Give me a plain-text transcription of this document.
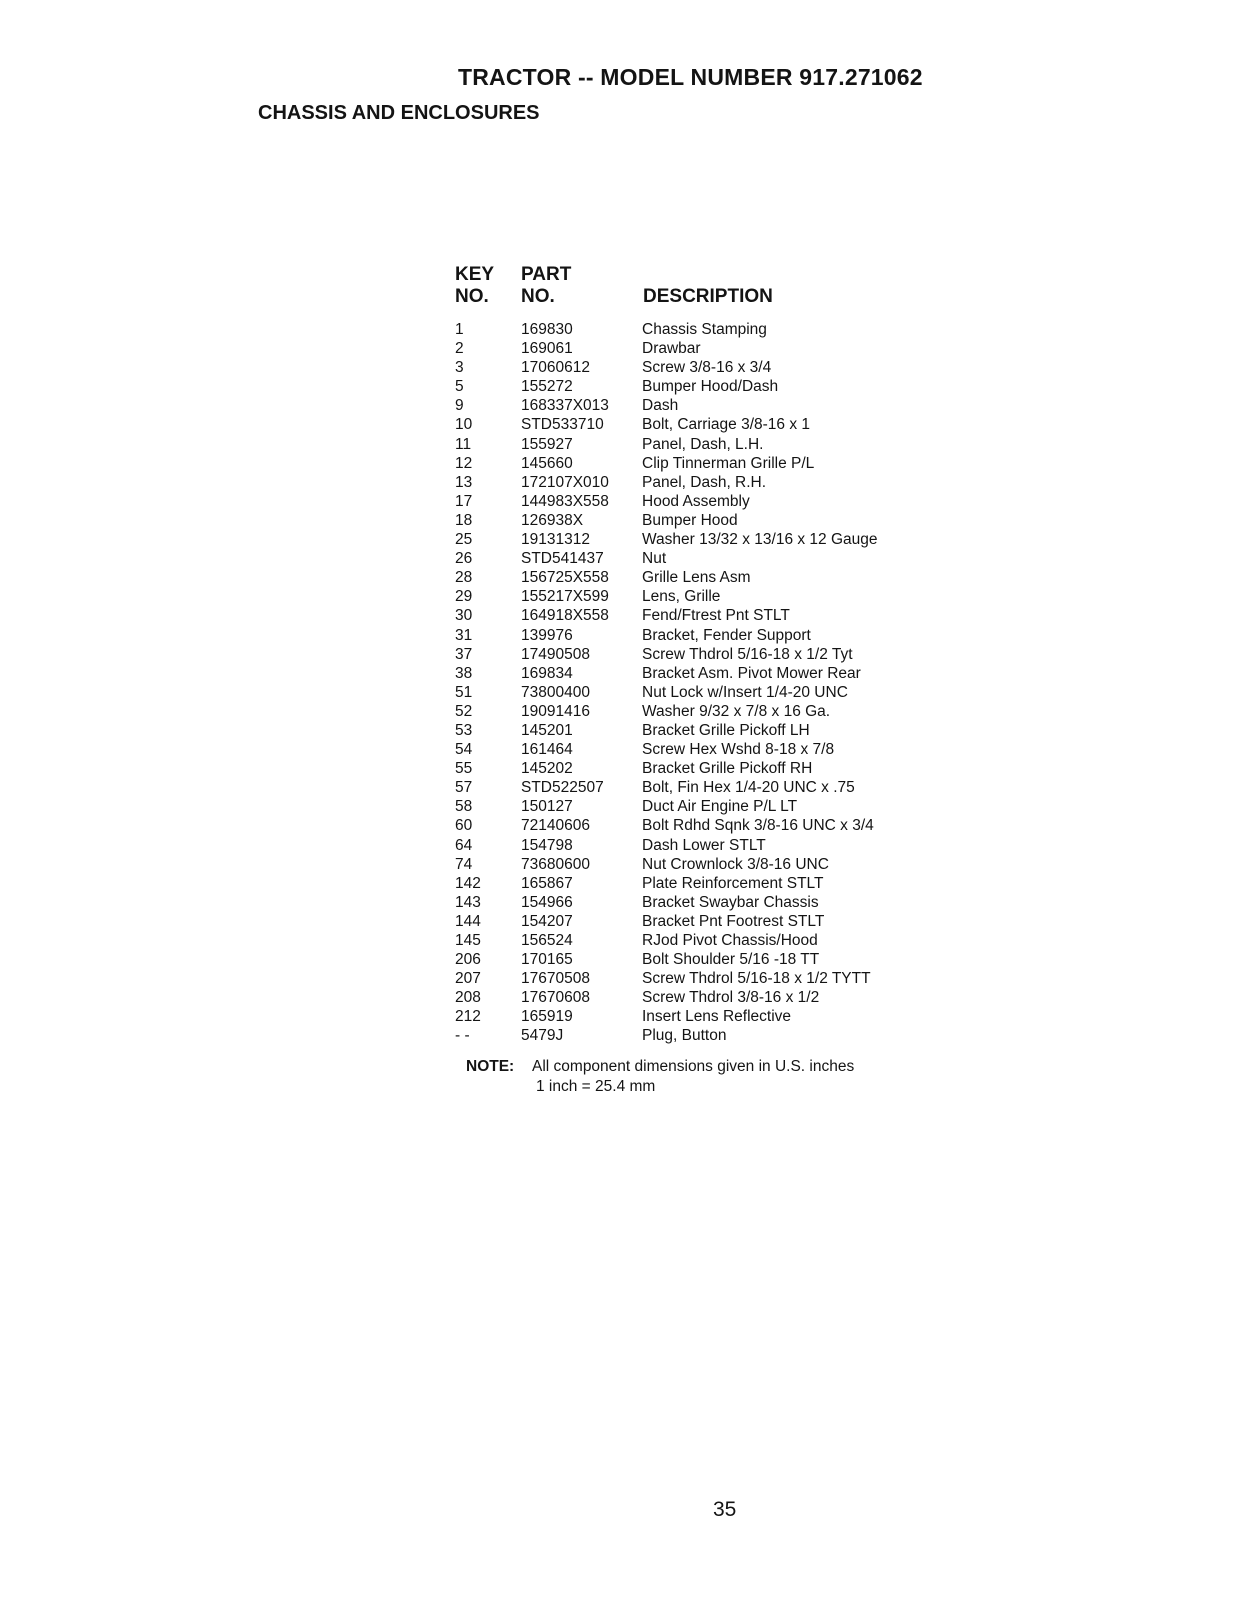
TRACTOR -- MODEL NUMBER 917.271062
CHASSIS AND ENCLOSURES
KEY
NO.
PART
NO.	DESCRIPTION
1	169830	Chassis Stamping
2	169061	Drawbar
3	17060612	Screw 3/8-16 x 3/4
5	155272	Bumper Hood/Dash
9	168337X013 Dash
10	STD533710 Bolt, Carriage 3/8-16 x 1
11	155927	Panel, Dash, L.H.
12	145660	Clip Tinnerman Grille P/L
13	172107X010 Panel, Dash, R.H.
17	144983X558 Hood Assembly
18	126938X	Bumper Hood
25	19131312	Washer 13/32 x 13/16 x 12 Gauge
26	STD541437 Nut
28	156725X558 Grille Lens Asm
29	155217X599 Lens, Grille
30	164918X558 Fend/Ftrest Pnt STLT
31	139976	Bracket, Fender Support
37	17490508	Screw Thdrol 5/16-18 x 1/2 Tyt
38	169834	Bracket Asm. Pivot Mower Rear
51	73800400	Nut Lock w/Insert 1/4-20 UNC
52	19091416	Washer 9/32 x 7/8 x 16 Ga.
53	145201	Bracket Grille Pickoff LH
54	161464	Screw Hex Wshd 8-18 x 7/8
55	145202	Bracket Grille Pickoff RH
57	STD522507 Bolt, Fin Hex 1/4-20 UNC x .75
58	150127	Duct Air Engine P/L LT
60	72140606	Bolt Rdhd Sqnk 3/8-16 UNC x 3/4
64	154798	Dash Lower STLT
74	73680600	Nut Crownlock 3/8-16 UNC
142	165867	Plate Reinforcement STLT
143	154966	Bracket Swaybar Chassis
144	154207	Bracket Pnt Footrest STLT
145	156524	RJod Pivot Chassis/Hood
206	170165	Bolt Shoulder 5/16 -18 TT
207	17670508	Screw Thdrol 5/16-18 x 1/2 TYTT
208	17670608	Screw Thdrol 3/8-16 x 1/2
212	165919	Insert Lens Reflective
- -	5479J	Plug, Button
NOTE: All component dimensions given in U.S. inches
1 inch = 25.4 mm
35
